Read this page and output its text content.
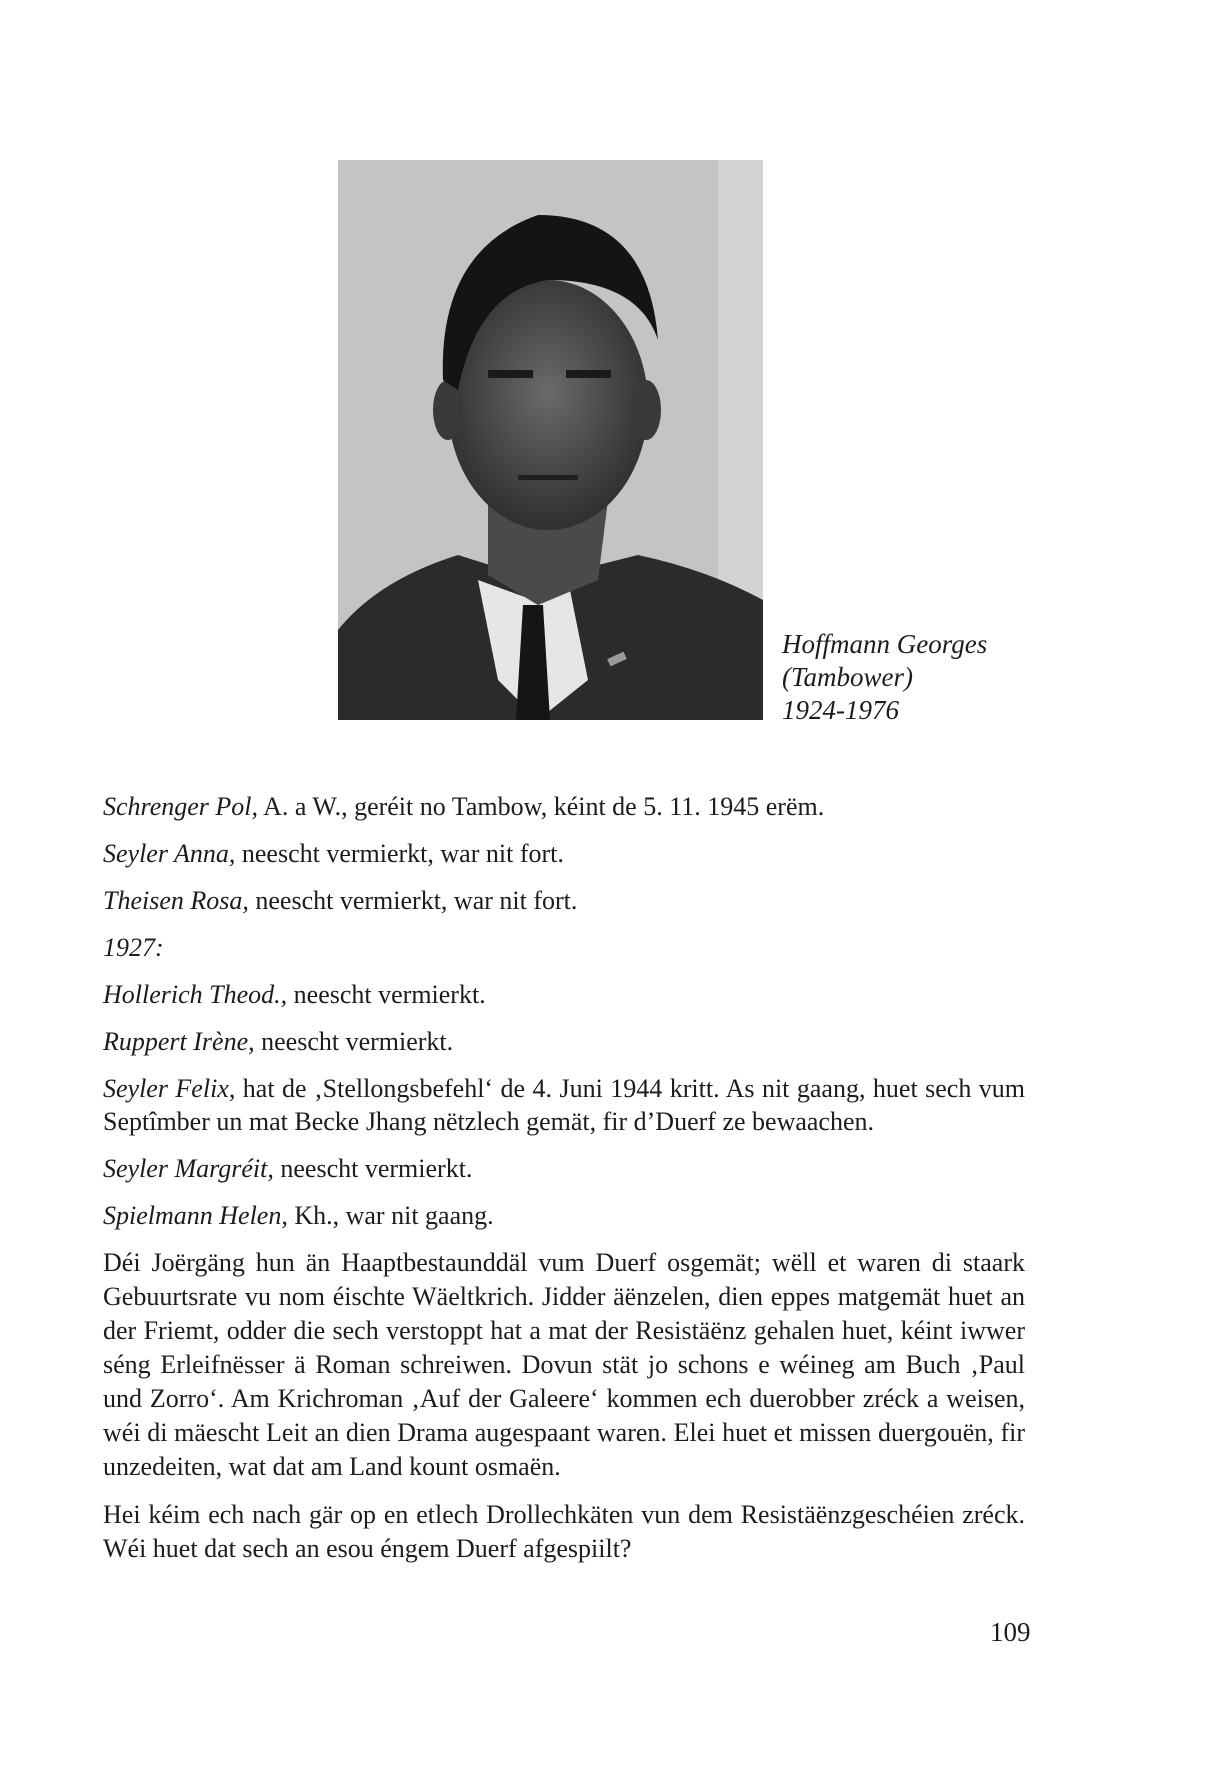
Hoffmann Georges
(Tambower)
1924-1976
Schrenger Pol, A. a W., geréit no Tambow, kéint de 5. 11. 1945 erëm.
Seyler Anna, neescht vermierkt, war nit fort.
Theisen Rosa, neescht vermierkt, war nit fort.
1927:
Hollerich Theod., neescht vermierkt.
Ruppert Irène, neescht vermierkt.
Seyler Felix, hat de ‚Stellongsbefehl‘ de 4. Juni 1944 kritt. As nit gaang, huet sech vum Septîmber un mat Becke Jhang nëtzlech gemät, fir d’Duerf ze bewaachen.
Seyler Margréit, neescht vermierkt.
Spielmann Helen, Kh., war nit gaang.

Déi Joërgäng hun än Haaptbestaunddäl vum Duerf osgemät; wëll et waren di staark Gebuurtsrate vu nom éischte Wäeltkrich. Jidder äënzelen, dien eppes matgemät huet an der Friemt, odder die sech verstoppt hat a mat der Resistäënz gehalen huet, kéint iwwer séng Erleifnësser ä Roman schreiwen. Dovun stät jo schons e wéineg am Buch ‚Paul und Zorro‘. Am Krichroman ‚Auf der Galeere‘ kommen ech duerobber zréck a weisen, wéi di mäescht Leit an dien Drama augespaant waren. Elei huet et missen duergouën, fir unzedeiten, wat dat am Land kount osmaën.

Hei kéim ech nach gär op en etlech Drollechkäten vun dem Resistäënzgeschéien zréck. Wéi huet dat sech an esou éngem Duerf afgespiilt?

109
